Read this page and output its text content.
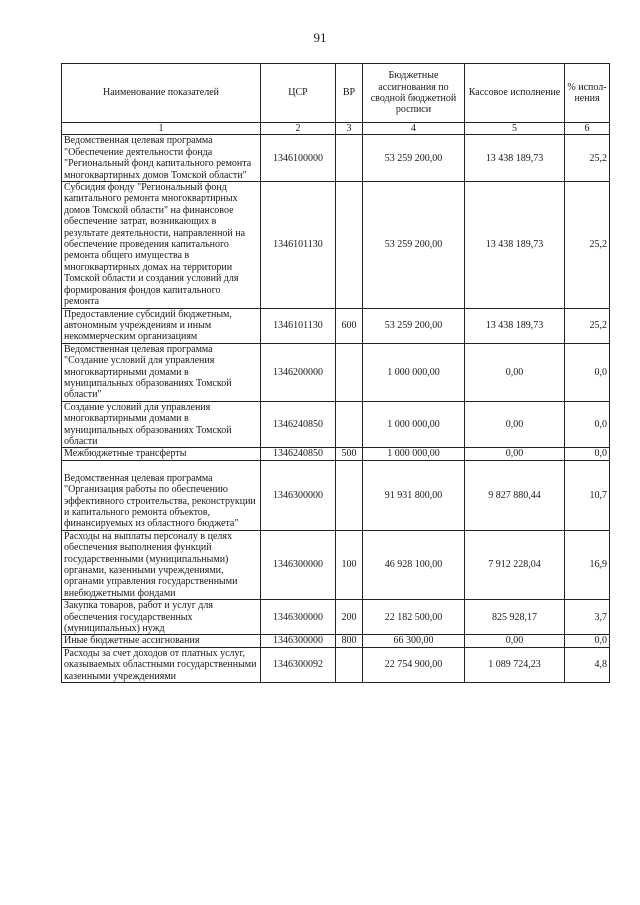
91
Наименование показателей	ЦСР	ВР	Бюджетные ассигнования по сводной бюджетной росписи	Кассовое исполнение	% испол-нения
1	2	3	4	5	6
Ведомственная целевая программа "Обеспечение деятельности фонда "Региональный фонд капитального ремонта многоквартирных домов Томской области"	1346100000		53 259 200,00	13 438 189,73	25,2
Субсидия фонду "Региональный фонд капитального ремонта многоквартирных домов Томской области" на финансовое обеспечение затрат, возникающих в результате деятельности, направленной на обеспечение проведения капитального ремонта общего имущества в многоквартирных домах на территории Томской области и создания условий для формирования фондов капитального ремонта	1346101130		53 259 200,00	13 438 189,73	25,2
Предоставление субсидий бюджетным, автономным учреждениям и иным некоммерческим организациям	1346101130	600	53 259 200,00	13 438 189,73	25,2
Ведомственная целевая программа "Создание условий для управления многоквартирными домами в муниципальных образованиях Томской области"	1346200000		1 000 000,00	0,00	0,0
Создание условий для управления многоквартирными домами в муниципальных образованиях Томской области	1346240850		1 000 000,00	0,00	0,0
Межбюджетные трансферты	1346240850	500	1 000 000,00	0,00	0,0
Ведомственная целевая программа "Организация работы по обеспечению эффективного строительства, реконструкции и капитального ремонта объектов, финансируемых из областного бюджета"	1346300000		91 931 800,00	9 827 880,44	10,7
Расходы на выплаты персоналу в целях обеспечения выполнения функций государственными (муниципальными) органами, казенными учреждениями, органами управления государственными внебюджетными фондами	1346300000	100	46 928 100,00	7 912 228,04	16,9
Закупка товаров, работ и услуг для обеспечения государственных (муниципальных) нужд	1346300000	200	22 182 500,00	825 928,17	3,7
Иные бюджетные ассигнования	1346300000	800	66 300,00	0,00	0,0
Расходы за счет доходов от платных услуг, оказываемых областными государственными казенными учреждениями	1346300092		22 754 900,00	1 089 724,23	4,8
